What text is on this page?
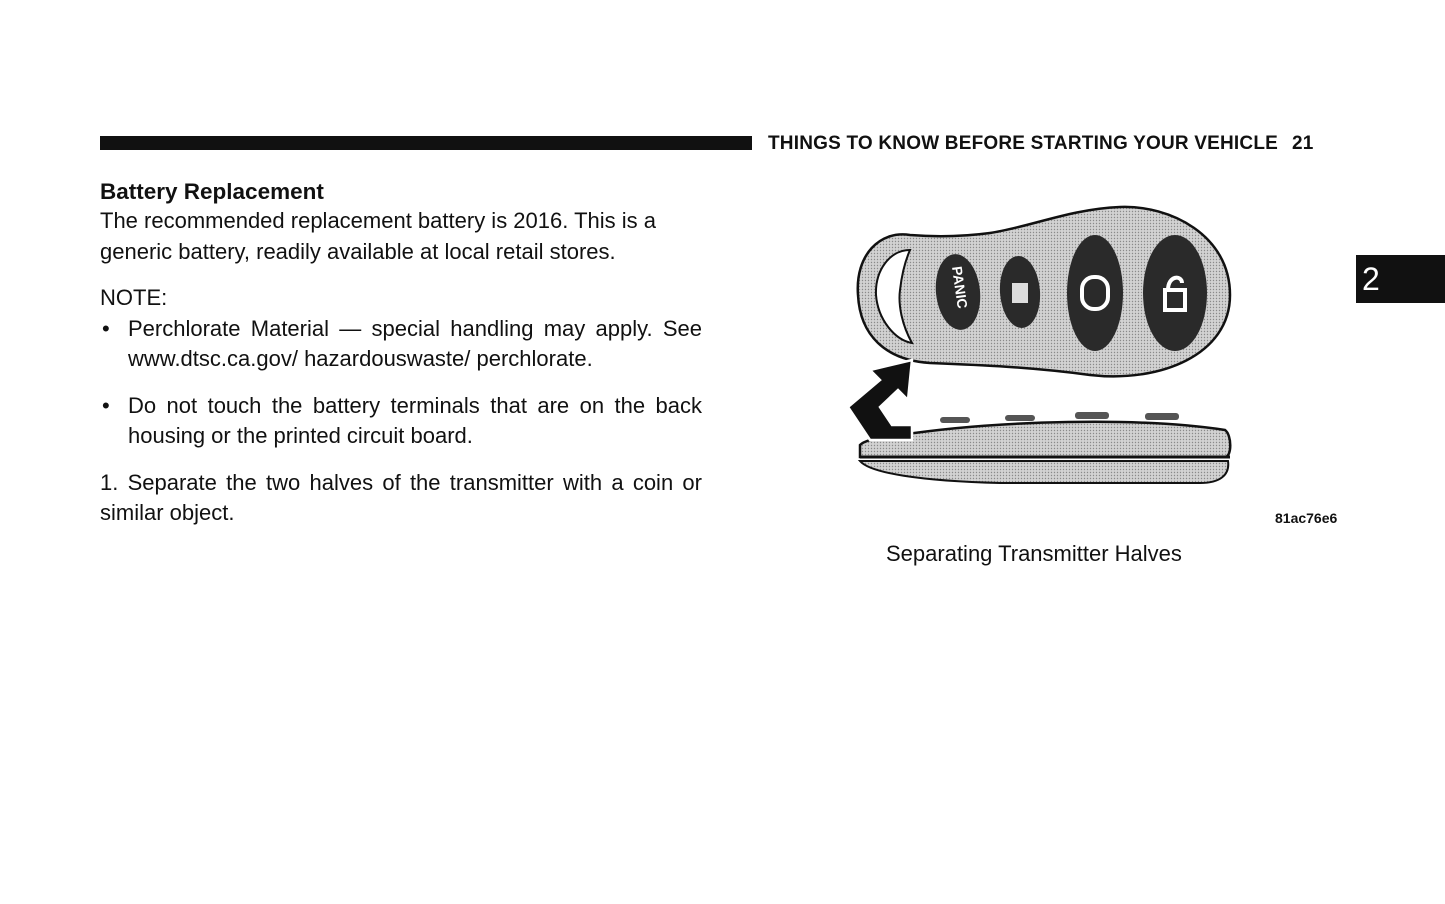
THINGS TO KNOW BEFORE STARTING YOUR VEHICLE 21
2
Battery Replacement

The recommended replacement battery is 2016. This is a generic battery, readily available at local retail stores.

NOTE:

• Perchlorate Material — special handling may apply. See www.dtsc.ca.gov/ hazardouswaste/ perchlorate.
• Do not touch the battery terminals that are on the back housing or the printed circuit board.

1. Separate the two halves of the transmitter with a coin or similar object.

PANIC
81ac76e6
Separating Transmitter Halves
